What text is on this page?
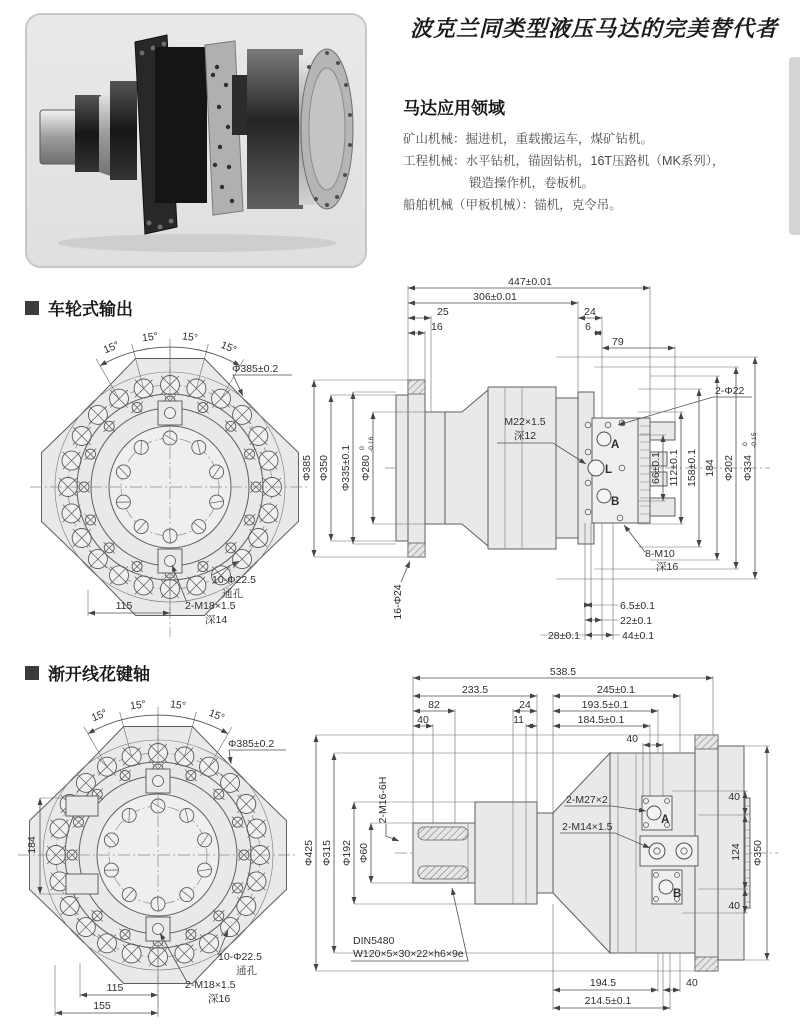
波克兰同类型液压马达的完美替代者
马达应用领域

矿山机械：掘进机，重载搬运车，煤矿钻机。

工程机械：水平钻机，锚固钻机，16T压路机（MK系列），

锻造操作机，卷板机。

船舶机械（甲板机械）：锚机，克令吊。

车轮式输出
15°
15° 15°
15°
Φ385±0.2
10-Φ22.5
通孔
2-M18×1.5
深14
115
A
L
B
447±0.01
306±0.01
25
16
24
6
79
Φ385 Φ350 Φ335±0.1 Φ280
0 -0.16
M22×1.5
深12
2-Φ22
8-M10
深16
66±0.1 112±0.1 158±0.1 184 Φ202 Φ334
0 -0.15
16-Φ24	6.5±0.1
22±0.1
28±0.1	44±0.1
渐开线花键轴
184
15°
15° 15°
15°
Φ385±0.2
10-Φ22.5
通孔
2-M18×1.5
深16
115
155
A
B
538.5
233.5	245±0.1
82	24	193.5±0.1
40	11	184.5±0.1
40
Φ425 Φ315 Φ192 Φ60
2-M16-6H	2-M27×2
2-M14×1.5
40
124
40
Φ350
DIN5480
W120×5×30×22×h6×9e
194.5	40
214.5±0.1
